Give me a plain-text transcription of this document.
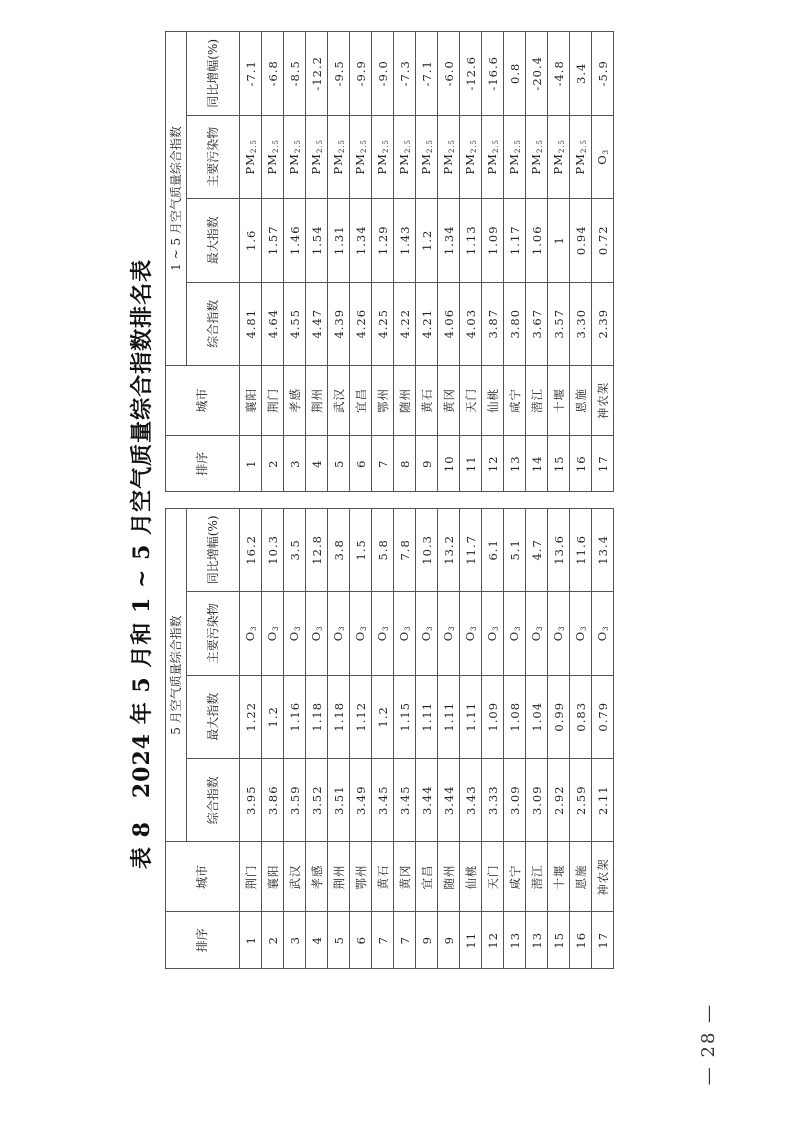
表 8　2024 年 5 月和 1 ~ 5 月空气质量综合指数排名表
排序	城市	5 月空气质量综合指数					排序	城市	1 ~ 5 月空气质量综合指数			
		综合指数	最大指数	主要污染物	同比增幅(%)				综合指数	最大指数	主要污染物	同比增幅(%)
1	荆门	3.95	1.22	$O_3$	16.2		1	襄阳	4.81	1.6	$PM_{2.5}$	-7.1
2	襄阳	3.86	1.2	$O_3$	10.3		2	荆门	4.64	1.57	$PM_{2.5}$	-6.8
3	武汉	3.59	1.16	$O_3$	3.5		3	孝感	4.55	1.46	$PM_{2.5}$	-8.5
4	孝感	3.52	1.18	$O_3$	12.8		4	荆州	4.47	1.54	$PM_{2.5}$	-12.2
5	荆州	3.51	1.18	$O_3$	3.8		5	武汉	4.39	1.31	$PM_{2.5}$	-9.5
6	鄂州	3.49	1.12	$O_3$	1.5		6	宜昌	4.26	1.34	$PM_{2.5}$	-9.9
7	黄石	3.45	1.2	$O_3$	5.8		7	鄂州	4.25	1.29	$PM_{2.5}$	-9.0
7	黄冈	3.45	1.15	$O_3$	7.8		8	随州	4.22	1.43	$PM_{2.5}$	-7.3
9	宜昌	3.44	1.11	$O_3$	10.3		9	黄石	4.21	1.2	$PM_{2.5}$	-7.1
9	随州	3.44	1.11	$O_3$	13.2		10	黄冈	4.06	1.34	$PM_{2.5}$	-6.0
11	仙桃	3.43	1.11	$O_3$	11.7		11	天门	4.03	1.13	$PM_{2.5}$	-12.6
12	天门	3.33	1.09	$O_3$	6.1		12	仙桃	3.87	1.09	$PM_{2.5}$	-16.6
13	咸宁	3.09	1.08	$O_3$	5.1		13	咸宁	3.80	1.17	$PM_{2.5}$	0.8
13	潜江	3.09	1.04	$O_3$	4.7		14	潜江	3.67	1.06	$PM_{2.5}$	-20.4
15	十堰	2.92	0.99	$O_3$	13.6		15	十堰	3.57	1	$PM_{2.5}$	-4.8
16	恩施	2.59	0.83	$O_3$	11.6		16	恩施	3.30	0.94	$PM_{2.5}$	3.4
17	神农架	2.11	0.79	$O_3$	13.4		17	神农架	2.39	0.72	$O_3$	-5.9
— 28 —
